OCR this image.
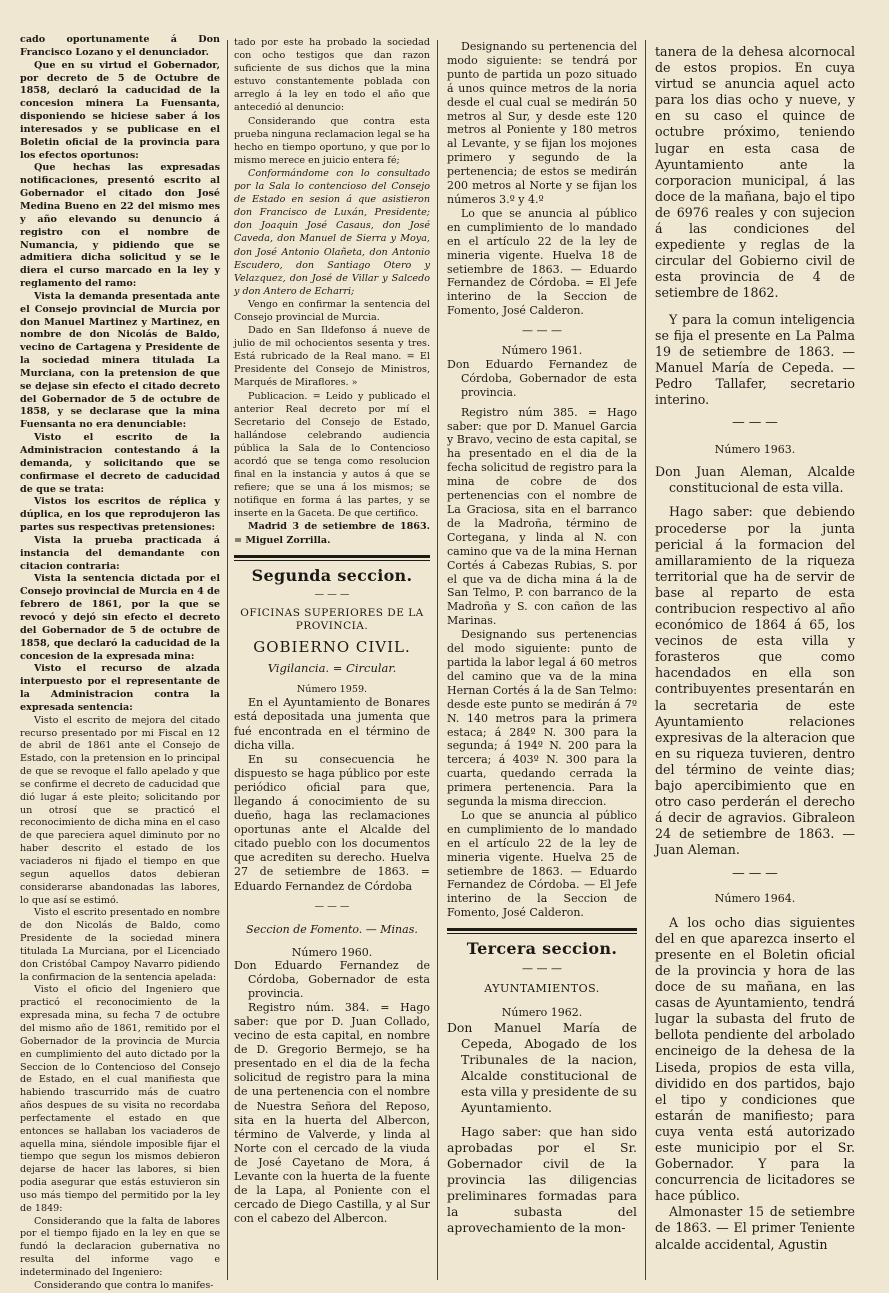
cado oportunamente á Don Francisco Lozano y el denunciador.

Que en su virtud el Gobernador, por decreto de 5 de Octubre de 1858, declaró la caducidad de la concesion minera La Fuensanta, disponiendo se hiciese saber á los interesados y se publicase en el Boletin oficial de la provincia para los efectos oportunos:

Que hechas las expresadas notificaciones, presentó escrito al Gobernador el citado don José Medina Bueno en 22 del mismo mes y año elevando su denuncio á registro con el nombre de Numancia, y pidiendo que se admitiera dicha solicitud y se le diera el curso marcado en la ley y reglamento del ramo:

Vista la demanda presentada ante el Consejo provincial de Murcia por don Manuel Martinez y Martinez, en nombre de don Nicolás de Baldo, vecino de Cartagena y Presidente de la sociedad minera titulada La Murciana, con la pretension de que se dejase sin efecto el citado decreto del Gobernador de 5 de octubre de 1858, y se declarase que la mina Fuensanta no era denunciable:

Visto el escrito de la Administracion contestando á la demanda, y solicitando que se confirmase el decreto de caducidad de que se trata:

Vistos los escritos de réplica y dúplica, en los que reprodujeron las partes sus respectivas pretensiones:

Vista la prueba practicada á instancia del demandante con citacion contraria:

Vista la sentencia dictada por el Consejo provincial de Murcia en 4 de febrero de 1861, por la que se revocó y dejó sin efecto el decreto del Gobernador de 5 de octubre de 1858, que declaró la caducidad de la concesion de la expresada mina:

Visto el recurso de alzada interpuesto por el representante de la Administracion contra la expresada sentencia:

Visto el escrito de mejora del citado recurso presentado por mi Fiscal en 12 de abril de 1861 ante el Consejo de Estado, con la pretension en lo principal de que se revoque el fallo apelado y que se confirme el decreto de caducidad que dió lugar á este pleito; solicitando por un otrosí que se practicó el reconocimiento de dicha mina en el caso de que pareciera aquel diminuto por no haber descrito el estado de los vaciaderos ni fijado el tiempo en que segun aquellos datos debieran considerarse abandonadas las labores, lo que así se estimó.

Visto el escrito presentado en nombre de don Nicolás de Baldo, como Presidente de la sociedad minera titulada La Murciana, por el Licenciado don Cristóbal Campoy Navarro pidiendo la confirmacion de la sentencia apelada:

Visto el oficio del Ingeniero que practicó el reconocimiento de la expresada mina, su fecha 7 de octubre del mismo año de 1861, remitido por el Gobernador de la provincia de Murcia en cumplimiento del auto dictado por la Seccion de lo Contencioso del Consejo de Estado, en el cual manifiesta que habiendo trascurrido más de cuatro años despues de su visita no recordaba perfectamente el estado en que entonces se hallaban los vaciaderos de aquella mina, siéndole imposible fijar el tiempo que segun los mismos debieron dejarse de hacer las labores, si bien podia asegurar que estás estuvieron sin uso más tiempo del permitido por la ley de 1849:

Considerando que la falta de labores por el tiempo fijado en la ley en que se fundó la declaracion gubernativa no resulta del informe vago e indeterminado del Ingeniero:

Considerando que contra lo manifes-

tado por este ha probado la sociedad con ocho testigos que dan razon suficiente de sus dichos que la mina estuvo constantemente poblada con arreglo á la ley en todo el año que antecedió al denuncio:

Considerando que contra esta prueba ninguna reclamacion legal se ha hecho en tiempo oportuno, y que por lo mismo merece en juicio entera fé;

Conformándome con lo consultado por la Sala lo contencioso del Consejo de Estado en sesion á que asistieron don Francisco de Luxán, Presidente; don Joaquin José Casaus, don José Caveda, don Manuel de Sierra y Moya, don José Antonio Olañeta, don Antonio Escudero, don Santiago Otero y Velazquez, don José de Villar y Salcedo y don Antero de Echarri;

Vengo en confirmar la sentencia del Consejo provincial de Murcia.

Dado en San Ildefonso á nueve de julio de mil ochocientos sesenta y tres. Está rubricado de la Real mano. = El Presidente del Consejo de Ministros, Marqués de Miraflores. »

Publicacion. = Leido y publicado el anterior Real decreto por mí el Secretario del Consejo de Estado, hallándose celebrando audiencia pública la Sala de lo Contencioso acordó que se tenga como resolucion final en la instancia y autos á que se refiere; que se una á los mismos; se notifique en forma á las partes, y se inserte en la Gaceta. De que certifico.

Madrid 3 de setiembre de 1863. = Miguel Zorrilla.

Segunda seccion.
— — —

OFICINAS SUPERIORES DE LA PROVINCIA.

GOBIERNO CIVIL.

Vigilancia. = Circular.

Número 1959.

En el Ayuntamiento de Bonares está depositada una jumenta que fué encontrada en el término de dicha villa.

En su consecuencia he dispuesto se haga público por este periódico oficial para que, llegando á conocimiento de su dueño, haga las reclamaciones oportunas ante el Alcalde del citado pueblo con los documentos que acrediten su derecho. Huelva 27 de setiembre de 1863. = Eduardo Fernandez de Córdoba

— — —

Seccion de Fomento. — Minas.

Número 1960.

Don Eduardo Fernandez de Córdoba, Gobernador de esta provincia.

Registro núm. 384. = Hago saber: que por D. Juan Collado, vecino de esta capital, en nombre de D. Gregorio Bermejo, se ha presentado en el dia de la fecha solicitud de registro para la mina de una pertenencia con el nombre de Nuestra Señora del Reposo, sita en la huerta del Albercon, término de Valverde, y linda al Norte con el cercado de la viuda de José Cayetano de Mora, á Levante con la huerta de la fuente de la Lapa, al Poniente con el cercado de Diego Castilla, y al Sur con el cabezo del Albercon.

Designando su pertenencia del modo siguiente: se tendrá por punto de partida un pozo situado á unos quince metros de la noria desde el cual cual se medirán 50 metros al Sur, y desde este 120 metros al Poniente y 180 metros al Levante, y se fijan los mojones primero y segundo de la pertenencia; de estos se medirán 200 metros al Norte y se fijan los números 3.º y 4.º

Lo que se anuncia al público en cumplimiento de lo mandado en el artículo 22 de la ley de mineria vigente. Huelva 18 de setiembre de 1863. — Eduardo Fernandez de Córdoba. = El Jefe interino de la Seccion de Fomento, José Calderon.

— — —

Número 1961.

Don Eduardo Fernandez de Córdoba, Gobernador de esta provincia.

Registro núm 385. = Hago saber: que por D. Manuel Garcia y Bravo, vecino de esta capital, se ha presentado en el dia de la fecha solicitud de registro para la mina de cobre de dos pertenencias con el nombre de La Graciosa, sita en el barranco de la Madroña, término de Cortegana, y linda al N. con camino que va de la mina Hernan Cortés á Cabezas Rubias, S. por el que va de dicha mina á la de San Telmo, P. con barranco de la Madroña y S. con cañon de las Marinas.

Designando sus pertenencias del modo siguiente: punto de partida la labor legal á 60 metros del camino que va de la mina Hernan Cortés á la de San Telmo: desde este punto se medirán á 7º N. 140 metros para la primera estaca; á 284º N. 300 para la segunda; á 194º N. 200 para la tercera; á 403º N. 300 para la cuarta, quedando cerrada la primera pertenencia. Para la segunda la misma direccion.

Lo que se anuncia al público en cumplimiento de lo mandado en el artículo 22 de la ley de mineria vigente. Huelva 25 de setiembre de 1863. — Eduardo Fernandez de Córdoba. — El Jefe interino de la Seccion de Fomento, José Calderon.

Tercera seccion.
— — —

AYUNTAMIENTOS.

Número 1962.

Don Manuel María de Cepeda, Abogado de los Tribunales de la nacion, Alcalde constitucional de esta villa y presidente de su Ayuntamiento.

Hago saber: que han sido aprobadas por el Sr. Gobernador civil de la provincia las diligencias preliminares formadas para la subasta del aprovechamiento de la mon-

tanera de la dehesa alcornocal de estos propios. En cuya virtud se anuncia aquel acto para los dias ocho y nueve, y en su caso el quince de octubre próximo, teniendo lugar en esta casa de Ayuntamiento ante la corporacion municipal, á las doce de la mañana, bajo el tipo de 6976 reales y con sujecion á las condiciones del expediente y reglas de la circular del Gobierno civil de esta provincia de 4 de setiembre de 1862.

Y para la comun inteligencia se fija el presente en La Palma 19 de setiembre de 1863. — Manuel María de Cepeda. — Pedro Tallafer, secretario interino.

— — —

Número 1963.

Don Juan Aleman, Alcalde constitucional de esta villa.

Hago saber: que debiendo procederse por la junta pericial á la formacion del amillaramiento de la riqueza territorial que ha de servir de base al reparto de esta contribucion respectivo al año económico de 1864 á 65, los vecinos de esta villa y forasteros que como hacendados en ella son contribuyentes presentarán en la secretaria de este Ayuntamiento relaciones expresivas de la alteracion que en su riqueza tuvieren, dentro del término de veinte dias; bajo apercibimiento que en otro caso perderán el derecho á decir de agravios. Gibraleon 24 de setiembre de 1863. — Juan Aleman.

— — —

Número 1964.

A los ocho dias siguientes del en que aparezca inserto el presente en el Boletin oficial de la provincia y hora de las doce de su mañana, en las casas de Ayuntamiento, tendrá lugar la subasta del fruto de bellota pendiente del arbolado encineigo de la dehesa de la Liseda, propios de esta villa, dividido en dos partidos, bajo el tipo y condiciones que estarán de manifiesto; para cuya venta está autorizado este municipio por el Sr. Gobernador. Y para la concurrencia de licitadores se hace público.

Almonaster 15 de setiembre de 1863. — El primer Teniente alcalde accidental, Agustin
